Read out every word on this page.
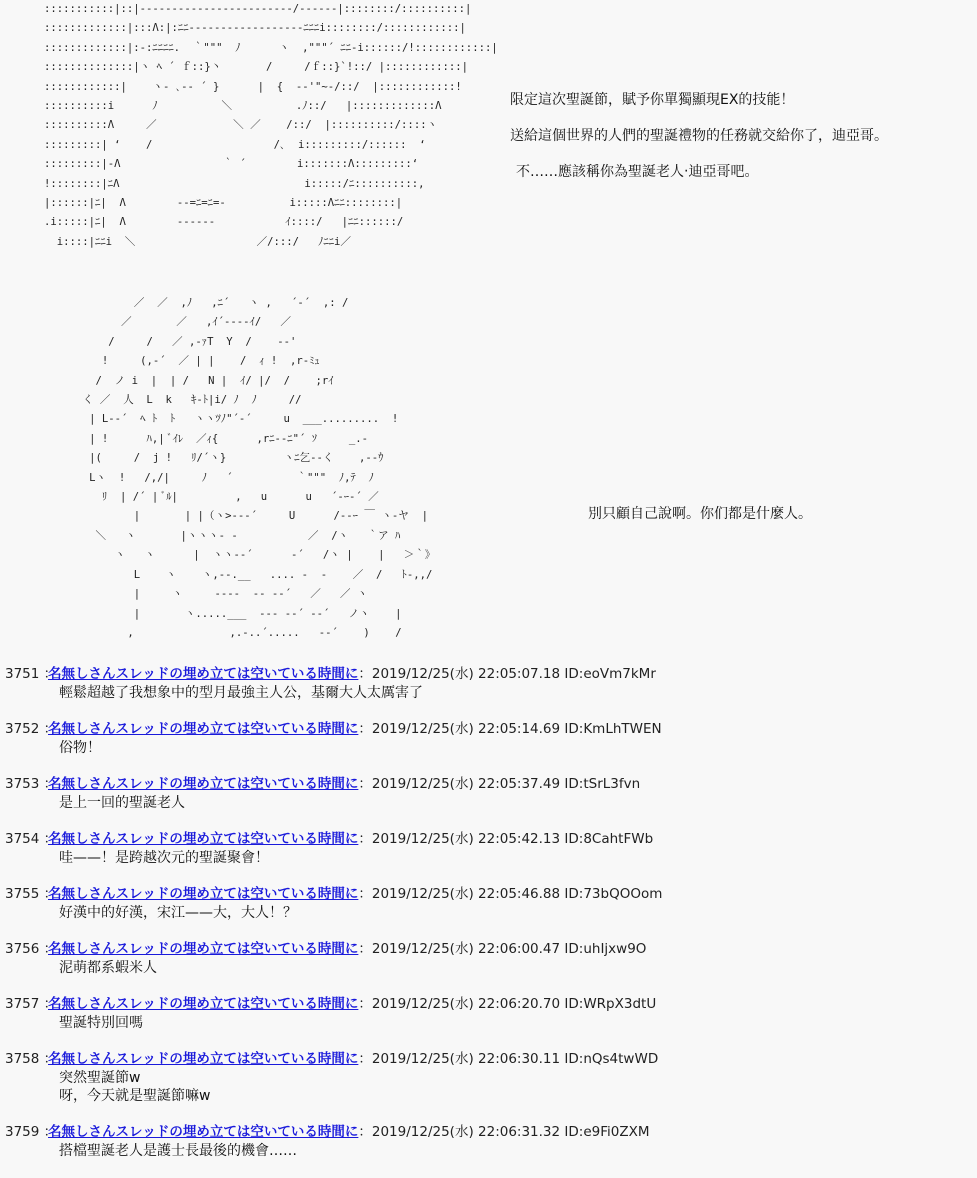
:::::::::::|::|-----‐‐‐‐‐‐‐‐‐‐‐‐‐‐‐‐‐‐‐/‐‐‐‐‐‐|::::::::/::::::::::|
:::::::::::::|:::Λ:|:ﾆﾆ‐‐‐‐‐‐‐‐‐‐‐‐‐‐‐‐‐‐ﾆﾆﾆi::::::::/::::::::::::|
:::::::::::::|:‐:ﾆﾆﾆﾆ.  ｀"""  ﾉ      ヽ  ,"""´ ﾆﾆ‐i::::::/!::::::::::::|
::::::::::::::|ヽ ﾍ ´ ｆ::}丶       /     /ｆ::}`!::/ |::::::::::::|
::::::::::::|    ヽ‐ ､‐‐ ´ }      |  {  ‐‐'"~‐/::/  |::::::::::::!
::::::::::i      ﾉ          ＼          .ﾉ::/   |:::::::::::::Λ
::::::::::Λ     ／            ＼ ／    /::/  |::::::::::/::::ヽ
:::::::::| ‘    /                   /､  i:::::::::/::::::  ‘
:::::::::|‐Λ                ｀ ´        i:::::::Λ:::::::::‘
!::::::::|ﾆΛ                             i:::::/ﾆ::::::::::,
|::::::|ﾆ|  Λ        ‐‐=ﾆ=ﾆ=‐          i:::::Λﾆﾆ::::::::|
.i:::::|ﾆ|  Λ        ‐‐‐‐‐‐           ｲ::::/   |ﾆﾆ::::::/
i::::|ﾆﾆi  ＼                   ／/:::/   ﾉﾆﾆi／
限定這次聖誕節，賦予你單獨顯現EX的技能！
送給這個世界的人們的聖誕禮物的任務就交給你了，迪亞哥。
不……應該稱你為聖誕老人‧迪亞哥吧。
／  ／  ,ﾉ   ,ﾆ´   ヽ ,   ´‐´  ,: /
／       ／   ,ｲ´‐‐‐‐ｲ/   ／
/     /   ／ ,‐ｧT  Y  /    ‐‐'
!     (,‐´  ／ | |    /  ｨ !  ,r‐ﾐｭ
/  ノ i  |  | /   N |  ｲ/ |/  /    ;rｲ
く ／  人  L  k   ｷ‐ﾄ|i/ ﾉ  ﾉ     //
| L‐‐´  ﾍ ﾄ  ﾄ   ヽヽﾂﾉ"´‐´     u  ___.........  !
| !      ﾊ,| ﾞｲﾚ  ／ｨ{      ,rﾆ‐‐ﾆ"´ ｿ     _.‐
|(     /  j !   ﾘ/´ヽ}         ヽﾆ乞‐‐く    ,‐‐ｳ
Lヽ  !   /,/|     ﾉ   ´          ｀"""  ﾉ,ﾃ  ﾉ
ﾘ  | /´ | ﾞﾙ|         ,   u      u   ´‐ｰ‐´ ／
|       | |（ヽ>‐‐‐´     U      /‐‐ｰ ￣ ヽ‐ヤ  |
＼   ヽ       |ヽヽヽ‐ ‐           ／  /ヽ   ｀ア ﾊ
ヽ   ヽ      |  ヽヽ‐‐´      ‐´   /ヽ |    |   ＞｀》
L    ヽ    ヽ,‐‐.__   .... ‐  ‐    ／  /   ﾄ‐,,/
|     ヽ     ‐‐‐‐  ‐‐ ‐‐´   ／   ／ ヽ
|       ヽ.....___  ‐‐‐ ‐‐´ ‐‐´   ノヽ    |
,               ,.‐..´.....   ‐‐´    )    /
別只顧自己說啊。你们都是什麼人。
3751 ：名無しさんスレッドの埋め立ては空いている時間に：2019/12/25(水) 22:05:07.18 ID:eoVm7kMr
輕鬆超越了我想象中的型月最強主人公，基爾大人太厲害了
3752 ：名無しさんスレッドの埋め立ては空いている時間に：2019/12/25(水) 22:05:14.69 ID:KmLhTWEN
俗物！
3753 ：名無しさんスレッドの埋め立ては空いている時間に：2019/12/25(水) 22:05:37.49 ID:tSrL3fvn
是上一回的聖誕老人
3754 ：名無しさんスレッドの埋め立ては空いている時間に：2019/12/25(水) 22:05:42.13 ID:8CahtFWb
哇——！是跨越次元的聖誕聚會！
3755 ：名無しさんスレッドの埋め立ては空いている時間に：2019/12/25(水) 22:05:46.88 ID:73bQOOom
好漢中的好漢，宋江——大，大人！？
3756 ：名無しさんスレッドの埋め立ては空いている時間に：2019/12/25(水) 22:06:00.47 ID:uhIjxw9O
泥萌都系蝦米人
3757 ：名無しさんスレッドの埋め立ては空いている時間に：2019/12/25(水) 22:06:20.70 ID:WRpX3dtU
聖誕特別回嗎
3758 ：名無しさんスレッドの埋め立ては空いている時間に：2019/12/25(水) 22:06:30.11 ID:nQs4twWD
突然聖誕節w
呀，今天就是聖誕節嘛w
3759 ：名無しさんスレッドの埋め立ては空いている時間に：2019/12/25(水) 22:06:31.32 ID:e9Fi0ZXM
搭檔聖誕老人是護士長最後的機會……
